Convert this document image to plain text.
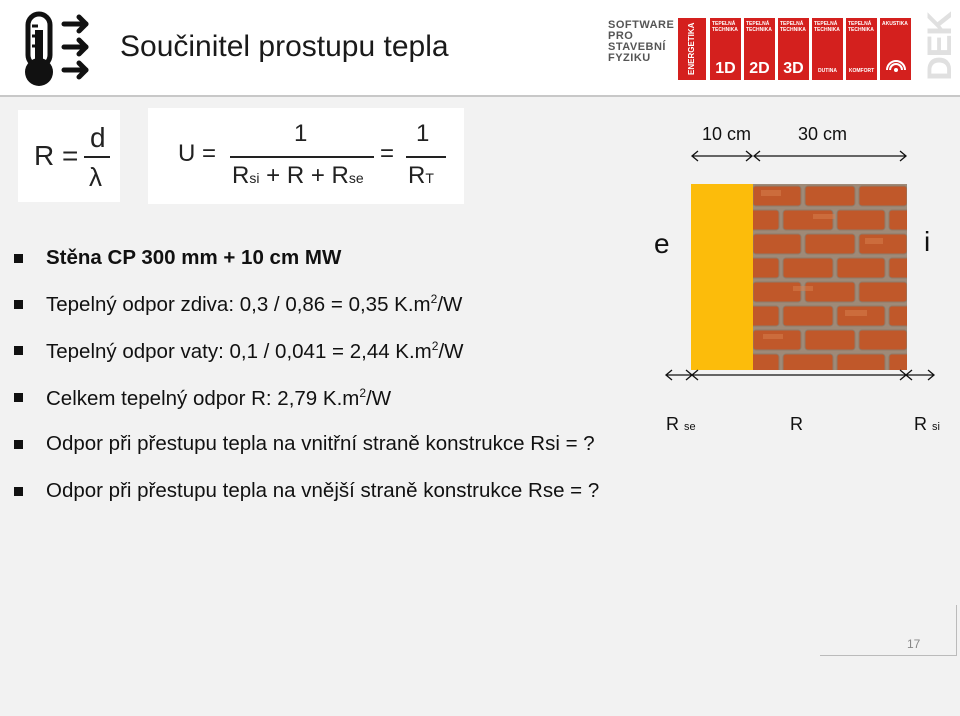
Součinitel prostupu tepla
SOFTWARE
PRO
STAVEBNÍ
FYZIKU	ENERGETIKA	TEPELNÁ TECHNIKA
1D
TEPELNÁ TECHNIKA
2D
TEPELNÁ TECHNIKA
3D
TEPELNÁ TECHNIKA
DUTINA
TEPELNÁ TECHNIKA
KOMFORT
AKUSTIKA DEK
R =
d
λ
U =
1
Rsi + R + Rse
=
1
RT
Stěna CP 300 mm + 10 cm MW
Tepelný odpor zdiva: 0,3 / 0,86 = 0,35 $K.m^2/W$
Tepelný odpor vaty: 0,1 / 0,041 = 2,44 $K.m^2/W$
Celkem tepelný odpor R: 2,79 $K.m^2/W$
Odpor při přestupu tepla na vnitřní straně konstrukce Rsi = ?
Odpor při přestupu tepla na vnější straně konstrukce Rse = ?
10 cm	30 cm
e	i
R se	R	R si
17
